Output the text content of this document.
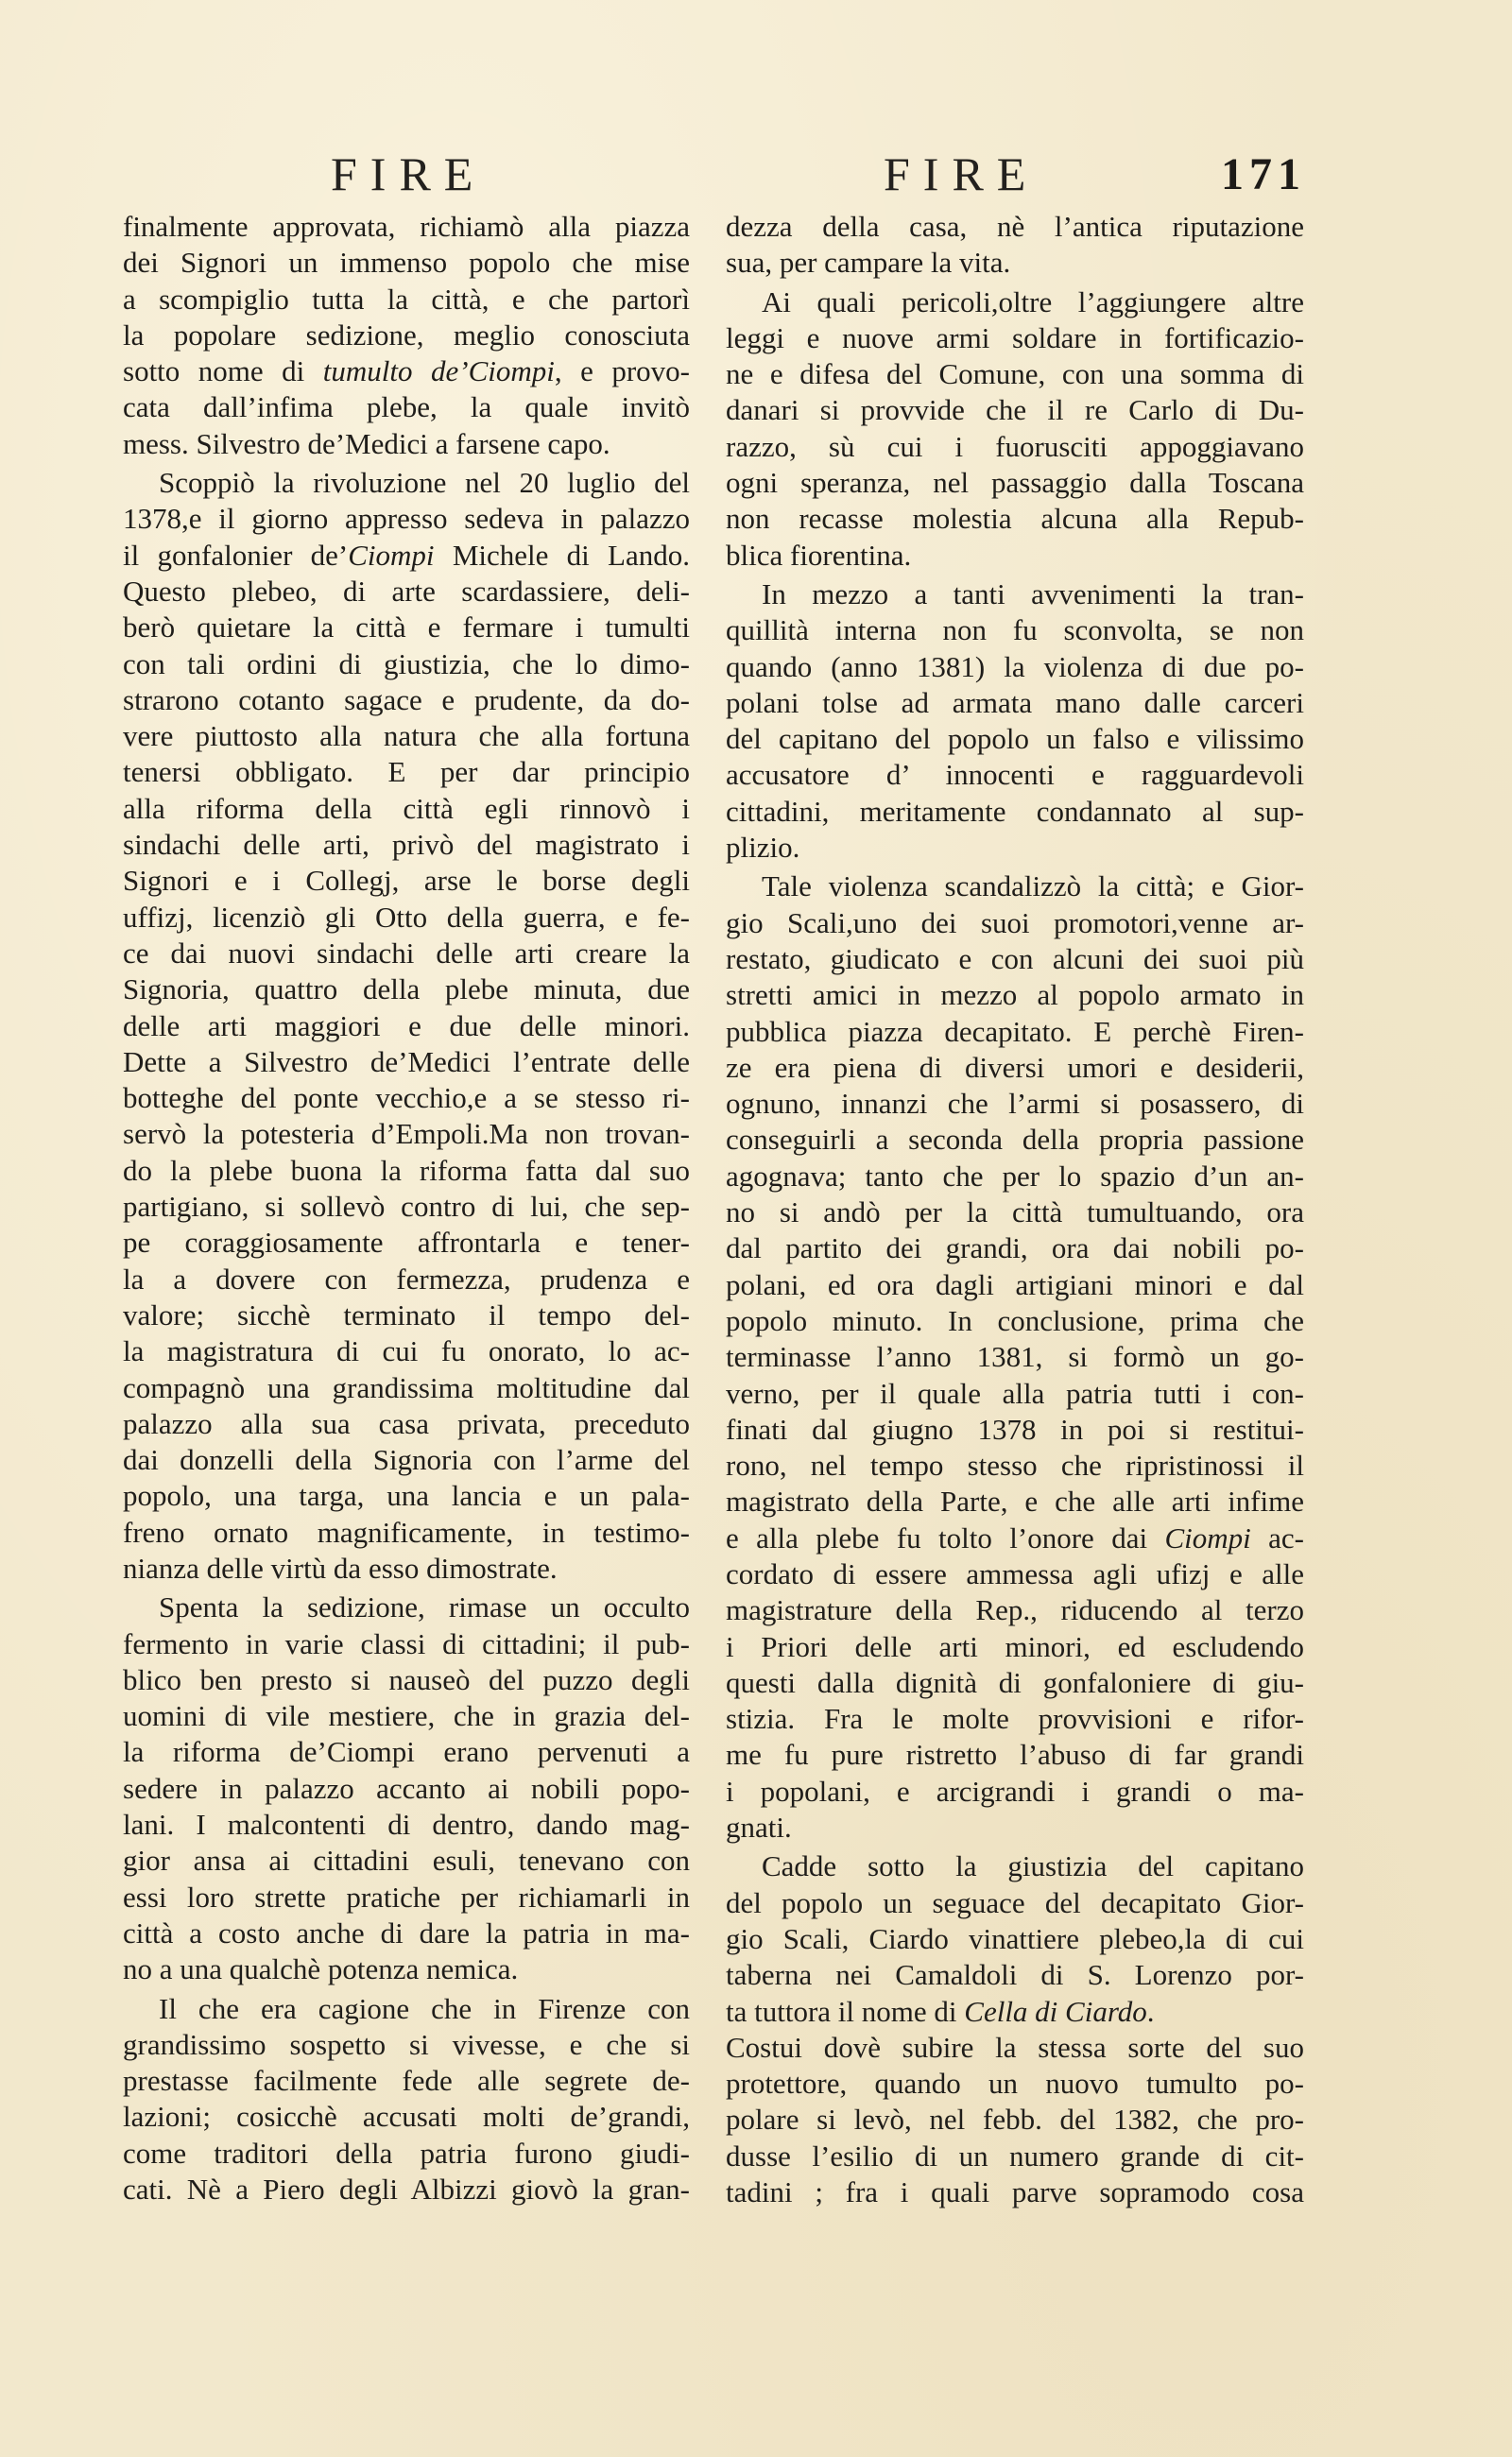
FIRE	FIRE	171
finalmente approvata, richiamò alla piazza
dei Signori un immenso popolo che mise
a scompiglio tutta la città, e che partorì
la popolare sedizione, meglio conosciuta
sotto nome di tumulto de’Ciompi, e provo-
cata dall’infima plebe, la quale invitò
mess. Silvestro de’Medici a farsene capo.
Scoppiò la rivoluzione nel 20 luglio del
1378,e il giorno appresso sedeva in palazzo
il gonfalonier de’Ciompi Michele di Lando.
Questo plebeo, di arte scardassiere, deli-
berò quietare la città e fermare i tumulti
con tali ordini di giustizia, che lo dimo-
strarono cotanto sagace e prudente, da do-
vere piuttosto alla natura che alla fortuna
tenersi obbligato. E per dar principio
alla riforma della città egli rinnovò i
sindachi delle arti, privò del magistrato i
Signori e i Collegj, arse le borse degli
uffizj, licenziò gli Otto della guerra, e fe-
ce dai nuovi sindachi delle arti creare la
Signoria, quattro della plebe minuta, due
delle arti maggiori e due delle minori.
Dette a Silvestro de’Medici l’entrate delle
botteghe del ponte vecchio,e a se stesso ri-
servò la potesteria d’Empoli.Ma non trovan-
do la plebe buona la riforma fatta dal suo
partigiano, si sollevò contro di lui, che sep-
pe coraggiosamente affrontarla e tener-
la a dovere con fermezza, prudenza e
valore; sicchè terminato il tempo del-
la magistratura di cui fu onorato, lo ac-
compagnò una grandissima moltitudine dal
palazzo alla sua casa privata, preceduto
dai donzelli della Signoria con l’arme del
popolo, una targa, una lancia e un pala-
freno ornato magnificamente, in testimo-
nianza delle virtù da esso dimostrate.
Spenta la sedizione, rimase un occulto
fermento in varie classi di cittadini; il pub-
blico ben presto si nauseò del puzzo degli
uomini di vile mestiere, che in grazia del-
la riforma de’Ciompi erano pervenuti a
sedere in palazzo accanto ai nobili popo-
lani. I malcontenti di dentro, dando mag-
gior ansa ai cittadini esuli, tenevano con
essi loro strette pratiche per richiamarli in
città a costo anche di dare la patria in ma-
no a una qualchè potenza nemica.
Il che era cagione che in Firenze con
grandissimo sospetto si vivesse, e che si
prestasse facilmente fede alle segrete de-
lazioni; cosicchè accusati molti de’grandi,
come traditori della patria furono giudi-
cati. Nè a Piero degli Albizzi giovò la gran-
dezza della casa, nè l’antica riputazione
sua, per campare la vita.
Ai quali pericoli,oltre l’aggiungere altre
leggi e nuove armi soldare in fortificazio-
ne e difesa del Comune, con una somma di
danari si provvide che il re Carlo di Du-
razzo, sù cui i fuorusciti appoggiavano
ogni speranza, nel passaggio dalla Toscana
non recasse molestia alcuna alla Repub-
blica fiorentina.
In mezzo a tanti avvenimenti la tran-
quillità interna non fu sconvolta, se non
quando (anno 1381) la violenza di due po-
polani tolse ad armata mano dalle carceri
del capitano del popolo un falso e vilissimo
accusatore d’ innocenti e ragguardevoli
cittadini, meritamente condannato al sup-
plizio.
Tale violenza scandalizzò la città; e Gior-
gio Scali,uno dei suoi promotori,venne ar-
restato, giudicato e con alcuni dei suoi più
stretti amici in mezzo al popolo armato in
pubblica piazza decapitato. E perchè Firen-
ze era piena di diversi umori e desiderii,
ognuno, innanzi che l’armi si posassero, di
conseguirli a seconda della propria passione
agognava; tanto che per lo spazio d’un an-
no si andò per la città tumultuando, ora
dal partito dei grandi, ora dai nobili po-
polani, ed ora dagli artigiani minori e dal
popolo minuto. In conclusione, prima che
terminasse l’anno 1381, si formò un go-
verno, per il quale alla patria tutti i con-
finati dal giugno 1378 in poi si restitui-
rono, nel tempo stesso che ripristinossi il
magistrato della Parte, e che alle arti infime
e alla plebe fu tolto l’onore dai Ciompi ac-
cordato di essere ammessa agli ufizj e alle
magistrature della Rep., riducendo al terzo
i Priori delle arti minori, ed escludendo
questi dalla dignità di gonfaloniere di giu-
stizia. Fra le molte provvisioni e rifor-
me fu pure ristretto l’abuso di far grandi
i popolani, e arcigrandi i grandi o ma-
gnati.
Cadde sotto la giustizia del capitano
del popolo un seguace del decapitato Gior-
gio Scali, Ciardo vinattiere plebeo,la di cui
taberna nei Camaldoli di S. Lorenzo por-
ta tuttora il nome di Cella di Ciardo.
Costui dovè subire la stessa sorte del suo
protettore, quando un nuovo tumulto po-
polare si levò, nel febb. del 1382, che pro-
dusse l’esilio di un numero grande di cit-
tadini ; fra i quali parve sopramodo cosa
